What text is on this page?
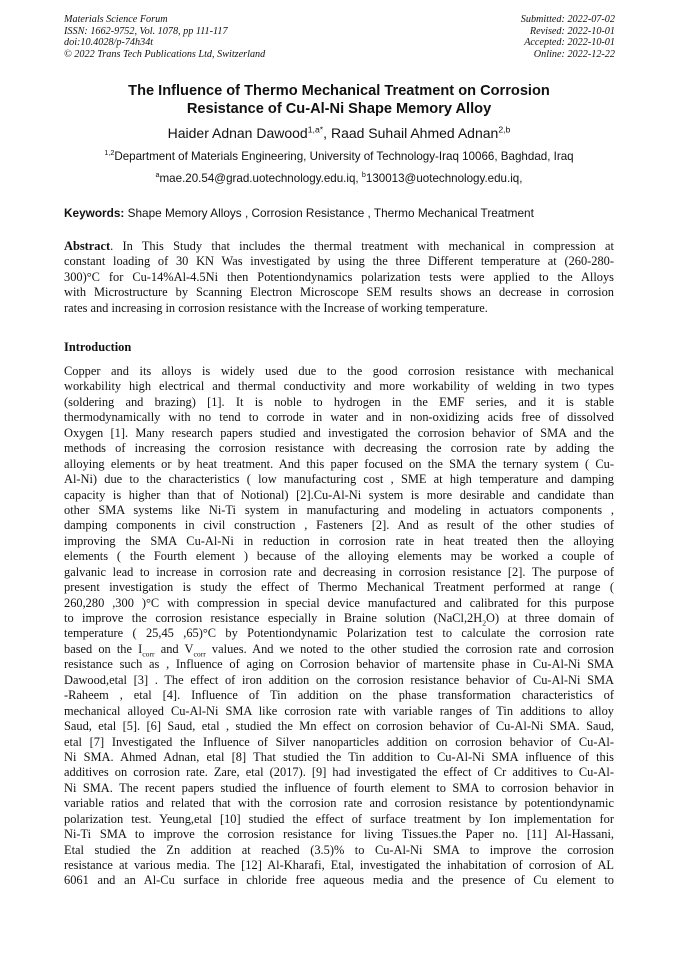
Materials Science Forum
ISSN: 1662-9752, Vol. 1078, pp 111-117
doi:10.4028/p-74h34t
© 2022 Trans Tech Publications Ltd, Switzerland
Submitted: 2022-07-02
Revised: 2022-10-01
Accepted: 2022-10-01
Online: 2022-12-22
The Influence of Thermo Mechanical Treatment on Corrosion
Resistance of Cu-Al-Ni Shape Memory Alloy
Haider Adnan Dawood$^{1,a*}$, Raad Suhail Ahmed Adnan$^{2,b}$
$^{1,2}$Department of Materials Engineering, University of Technology-Iraq 10066, Baghdad, Iraq
$^a$mae.20.54@grad.uotechnology.edu.iq, $^b$130013@uotechnology.edu.iq,
Keywords: Shape Memory Alloys , Corrosion Resistance , Thermo Mechanical Treatment
Abstract. In This Study that includes the thermal treatment with mechanical in compression at
constant loading of 30 KN Was investigated by using the three Different temperature at (260-280-
300)°C for Cu-14%Al-4.5Ni then Potentiondynamics polarization tests were applied to the Alloys
with Microstructure by Scanning Electron Microscope SEM results shows an decrease in corrosion
rates and increasing in corrosion resistance with the Increase of working temperature.
Introduction
Copper and its alloys is widely used due to the good corrosion resistance with mechanical
workability high electrical and thermal conductivity and more workability of welding in two types
(soldering and brazing) [1]. It is noble to hydrogen in the EMF series, and it is stable
thermodynamically with no tend to corrode in water and in non-oxidizing acids free of dissolved
Oxygen [1]. Many research papers studied and investigated the corrosion behavior of SMA and the
methods of increasing the corrosion resistance with decreasing the corrosion rate by adding the
alloying elements or by heat treatment. And this paper focused on the SMA the ternary system ( Cu-
Al-Ni) due to the characteristics ( low manufacturing cost , SME at high temperature and damping
capacity is higher than that of Notional) [2].Cu-Al-Ni system is more desirable and candidate than
other SMA systems like Ni-Ti system in manufacturing and modeling in actuators components ,
damping components in civil construction , Fasteners [2]. And as result of the other studies of
improving the SMA Cu-Al-Ni in reduction in corrosion rate in heat treated then the alloying
elements ( the Fourth element ) because of the alloying elements may be worked a couple of
galvanic lead to increase in corrosion rate and decreasing in corrosion resistance [2]. The purpose of
present investigation is study the effect of Thermo Mechanical Treatment performed at range (
260,280 ,300 )°C with compression in special device manufactured and calibrated for this purpose
to improve the corrosion resistance especially in Braine solution $(NaCl,2H_2O)$ at three domain of
temperature ( 25,45 ,65)°C by Potentiondynamic Polarization test to calculate the corrosion rate
based on the $I_{corr}$ and $V_{corr}$ values. And we noted to the other studied the corrosion rate and corrosion
resistance such as , Influence of aging on Corrosion behavior of martensite phase in Cu-Al-Ni SMA
Dawood,etal [3] . The effect of iron addition on the corrosion resistance behavior of Cu-Al-Ni SMA
-Raheem , etal [4]. Influence of Tin addition on the phase transformation characteristics of
mechanical alloyed Cu-Al-Ni SMA like corrosion rate with variable ranges of Tin additions to alloy
Saud, etal [5]. [6] Saud, etal , studied the Mn effect on corrosion behavior of Cu-Al-Ni SMA. Saud,
etal [7] Investigated the Influence of Silver nanoparticles addition on corrosion behavior of Cu-Al-
Ni SMA. Ahmed Adnan, etal [8] That studied the Tin addition to Cu-Al-Ni SMA influence of this
additives on corrosion rate. Zare, etal (2017). [9] had investigated the effect of Cr additives to Cu-Al-
Ni SMA. The recent papers studied the influence of fourth element to SMA to corrosion behavior in
variable ratios and related that with the corrosion rate and corrosion resistance by potentiondynamic
polarization test. Yeung,etal [10] studied the effect of surface treatment by Ion implementation for
Ni-Ti SMA to improve the corrosion resistance for living Tissues.the Paper no. [11] Al-Hassani,
Etal studied the Zn addition at reached (3.5)% to Cu-Al-Ni SMA to improve the corrosion
resistance at various media. The [12] Al-Kharafi, Etal, investigated the inhabitation of corrosion of AL
6061 and an Al-Cu surface in chloride free aqueous media and the presence of Cu element to
